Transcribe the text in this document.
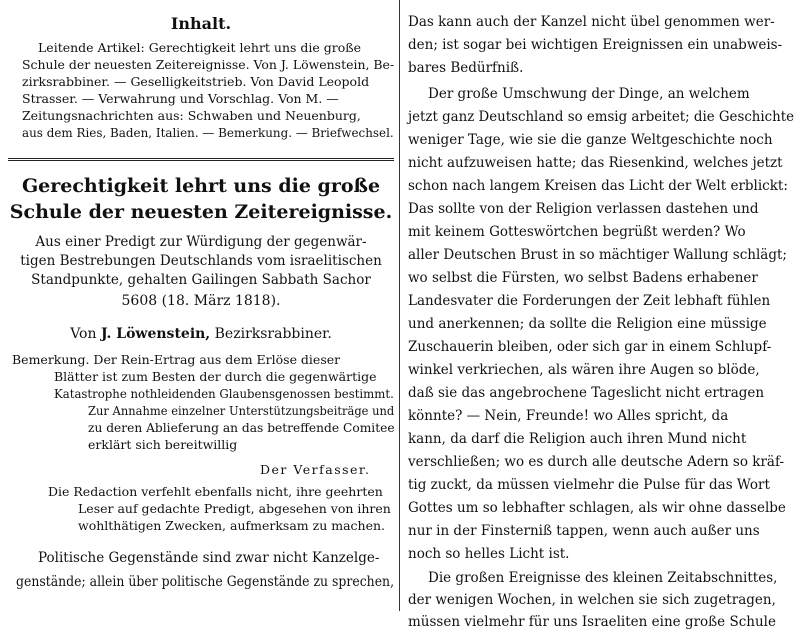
Inhalt.
Leitende Artikel: Gerechtigkeit lehrt uns die große
Schule der neuesten Zeitereignisse. Von J. Löwenstein, Be-
zirksrabbiner. — Geselligkeitstrieb. Von David Leopold
Strasser. — Verwahrung und Vorschlag. Von M. —
Zeitungsnachrichten aus: Schwaben und Neuenburg,
aus dem Ries, Baden, Italien. — Bemerkung. — Briefwechsel.
Gerechtigkeit lehrt uns die große
Schule der neuesten Zeitereignisse.
Aus einer Predigt zur Würdigung der gegenwär-
tigen Bestrebungen Deutschlands vom israelitischen
Standpunkte, gehalten Gailingen Sabbath Sachor
5608 (18. März 1818).
Von J. Löwenstein, Bezirksrabbiner.
Bemerkung. Der Rein-Ertrag aus dem Erlöse dieser
Blätter ist zum Besten der durch die gegenwärtige
Katastrophe nothleidenden Glaubensgenossen bestimmt.
Zur Annahme einzelner Unterstützungsbeiträge und
zu deren Ablieferung an das betreffende Comitee
erklärt sich bereitwillig
Der Verfasser.
Die Redaction verfehlt ebenfalls nicht, ihre geehrten
Leser auf gedachte Predigt, abgesehen von ihren
wohlthätigen Zwecken, aufmerksam zu machen.
Politische Gegenstände sind zwar nicht Kanzelge-
genstände; allein über politische Gegenstände zu sprechen,
Das kann auch der Kanzel nicht übel genommen wer-
den; ist sogar bei wichtigen Ereignissen ein unabweis-
bares Bedürfniß.
Der große Umschwung der Dinge, an welchem
jetzt ganz Deutschland so emsig arbeitet; die Geschichte
weniger Tage, wie sie die ganze Weltgeschichte noch
nicht aufzuweisen hatte; das Riesenkind, welches jetzt
schon nach langem Kreisen das Licht der Welt erblickt:
Das sollte von der Religion verlassen dastehen und
mit keinem Gotteswörtchen begrüßt werden? Wo
aller Deutschen Brust in so mächtiger Wallung schlägt;
wo selbst die Fürsten, wo selbst Badens erhabener
Landesvater die Forderungen der Zeit lebhaft fühlen
und anerkennen; da sollte die Religion eine müssige
Zuschauerin bleiben, oder sich gar in einem Schlupf-
winkel verkriechen, als wären ihre Augen so blöde,
daß sie das angebrochene Tageslicht nicht ertragen
könnte? — Nein, Freunde! wo Alles spricht, da
kann, da darf die Religion auch ihren Mund nicht
verschließen; wo es durch alle deutsche Adern so kräf-
tig zuckt, da müssen vielmehr die Pulse für das Wort
Gottes um so lebhafter schlagen, als wir ohne dasselbe
nur in der Finsterniß tappen, wenn auch außer uns
noch so helles Licht ist.
Die großen Ereignisse des kleinen Zeitabschnittes,
der wenigen Wochen, in welchen sie sich zugetragen,
müssen vielmehr für uns Israeliten eine große Schule
